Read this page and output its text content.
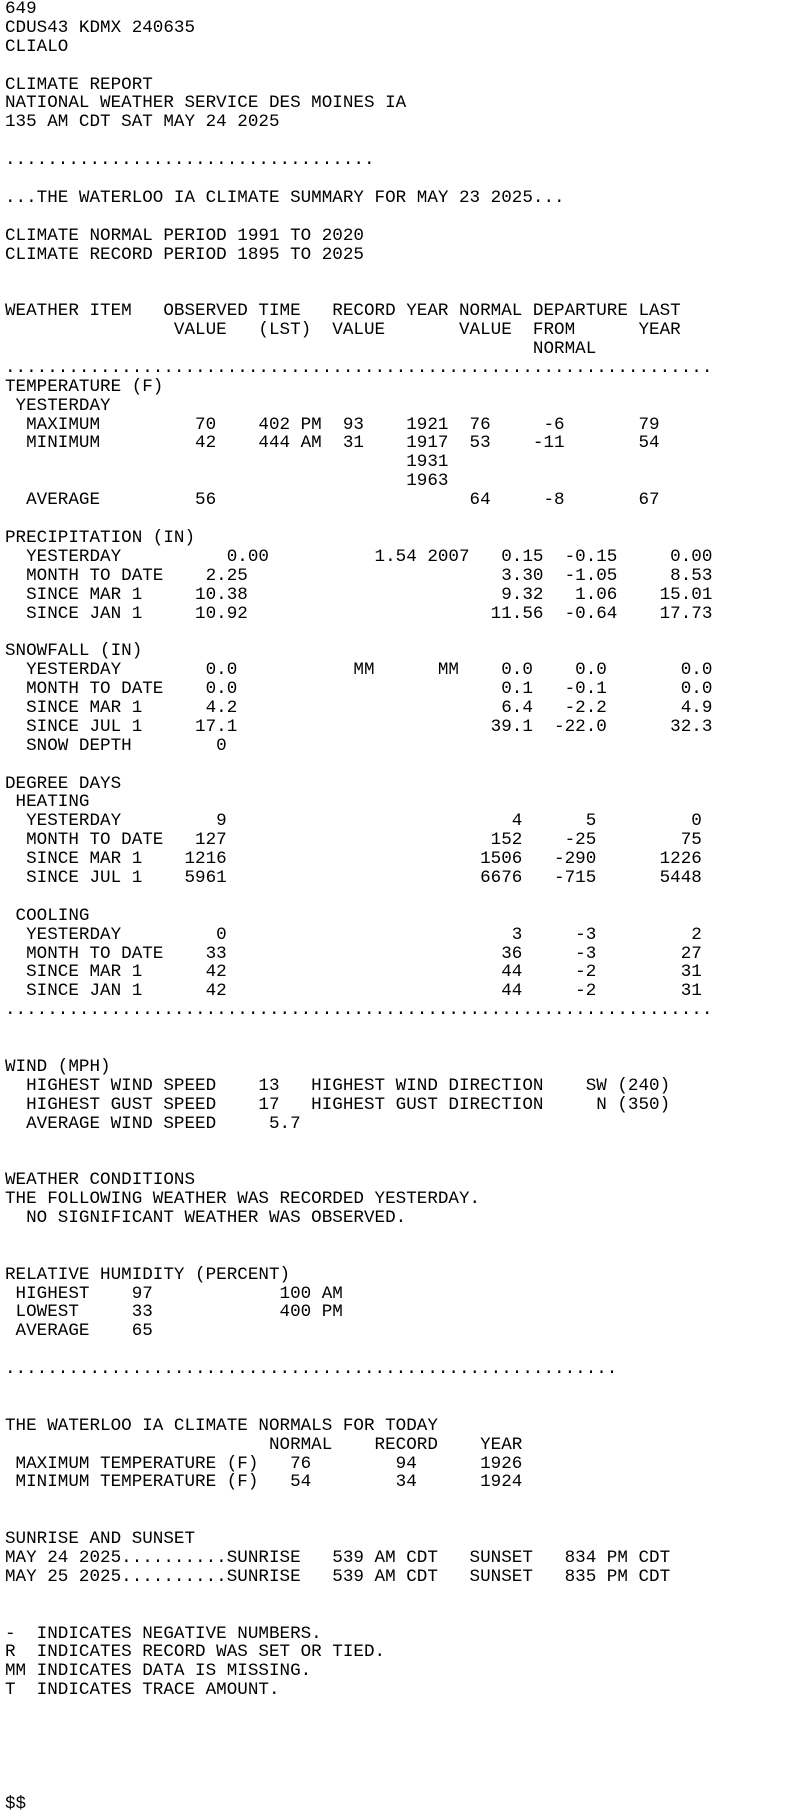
649
CDUS43 KDMX 240635
CLIALO

CLIMATE REPORT
NATIONAL WEATHER SERVICE DES MOINES IA
135 AM CDT SAT MAY 24 2025

...................................

...THE WATERLOO IA CLIMATE SUMMARY FOR MAY 23 2025...

CLIMATE NORMAL PERIOD 1991 TO 2020
CLIMATE RECORD PERIOD 1895 TO 2025

WEATHER ITEM   OBSERVED TIME   RECORD YEAR NORMAL DEPARTURE LAST
VALUE   (LST)  VALUE       VALUE  FROM      YEAR
NORMAL
...................................................................
TEMPERATURE (F)
YESTERDAY
MAXIMUM         70    402 PM  93    1921  76     -6       79
MINIMUM         42    444 AM  31    1917  53    -11       54
1931
1963
AVERAGE         56                        64     -8       67

PRECIPITATION (IN)
YESTERDAY          0.00          1.54 2007   0.15  -0.15     0.00
MONTH TO DATE    2.25                        3.30  -1.05     8.53
SINCE MAR 1     10.38                        9.32   1.06    15.01
SINCE JAN 1     10.92                       11.56  -0.64    17.73

SNOWFALL (IN)
YESTERDAY        0.0           MM      MM    0.0    0.0       0.0
MONTH TO DATE    0.0                         0.1   -0.1       0.0
SINCE MAR 1      4.2                         6.4   -2.2       4.9
SINCE JUL 1     17.1                        39.1  -22.0      32.3
SNOW DEPTH        0

DEGREE DAYS
HEATING
YESTERDAY         9                           4      5         0
MONTH TO DATE   127                         152    -25        75
SINCE MAR 1    1216                        1506   -290      1226
SINCE JUL 1    5961                        6676   -715      5448

COOLING
YESTERDAY         0                           3     -3         2
MONTH TO DATE    33                          36     -3        27
SINCE MAR 1      42                          44     -2        31
SINCE JAN 1      42                          44     -2        31
...................................................................

WIND (MPH)
HIGHEST WIND SPEED    13   HIGHEST WIND DIRECTION    SW (240)
HIGHEST GUST SPEED    17   HIGHEST GUST DIRECTION     N (350)
AVERAGE WIND SPEED     5.7

WEATHER CONDITIONS
THE FOLLOWING WEATHER WAS RECORDED YESTERDAY.
NO SIGNIFICANT WEATHER WAS OBSERVED.

RELATIVE HUMIDITY (PERCENT)
HIGHEST    97            100 AM
LOWEST     33            400 PM
AVERAGE    65

..........................................................

THE WATERLOO IA CLIMATE NORMALS FOR TODAY
NORMAL    RECORD    YEAR
MAXIMUM TEMPERATURE (F)   76        94      1926
MINIMUM TEMPERATURE (F)   54        34      1924

SUNRISE AND SUNSET
MAY 24 2025..........SUNRISE   539 AM CDT   SUNSET   834 PM CDT
MAY 25 2025..........SUNRISE   539 AM CDT   SUNSET   835 PM CDT

-  INDICATES NEGATIVE NUMBERS.
R  INDICATES RECORD WAS SET OR TIED.
MM INDICATES DATA IS MISSING.
T  INDICATES TRACE AMOUNT.

$$
